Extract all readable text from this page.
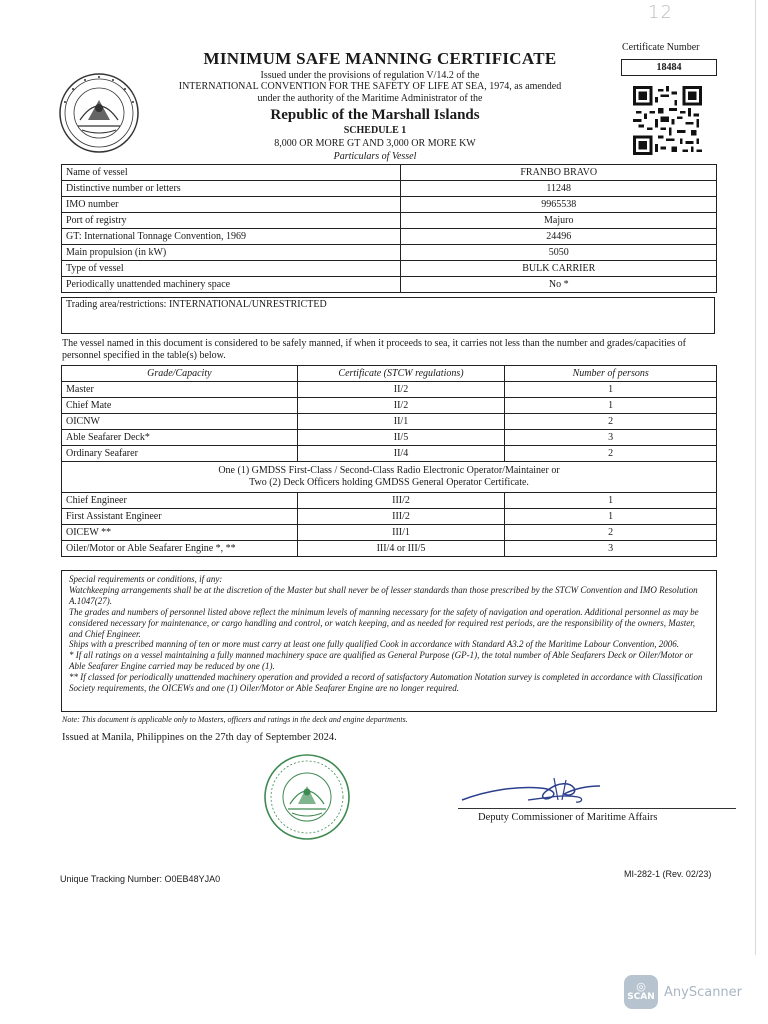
12
MINIMUM SAFE MANNING CERTIFICATE
Issued under the provisions of regulation V/14.2 of the
INTERNATIONAL CONVENTION FOR THE SAFETY OF LIFE AT SEA, 1974, as amended
under the authority of the Maritime Administrator of the
Republic of the Marshall Islands
SCHEDULE 1
8,000 OR MORE GT AND 3,000 OR MORE KW
Particulars of Vessel
Certificate Number
18484
Name of vessel	FRANBO BRAVO
Distinctive number or letters	11248
IMO number	9965538
Port of registry	Majuro
GT: International Tonnage Convention, 1969	24496
Main propulsion (in kW)	5050
Type of vessel	BULK CARRIER
Periodically unattended machinery space	No *
Trading area/restrictions: INTERNATIONAL/UNRESTRICTED
The vessel named in this document is considered to be safely manned, if when it proceeds to sea, it carries not less than the number and grades/capacities of personnel specified in the table(s) below.
Grade/Capacity	Certificate (STCW regulations)	Number of persons
Master	II/2	1
Chief Mate	II/2	1
OICNW	II/1	2
Able Seafarer Deck*	II/5	3
Ordinary Seafarer	II/4	2

One (1) GMDSS First-Class / Second-Class Radio Electronic Operator/Maintainer or
Two (2) Deck Officers holding GMDSS General Operator Certificate.		

Chief Engineer	III/2	1
First Assistant Engineer	III/2	1
OICEW **	III/1	2
Oiler/Motor or Able Seafarer Engine *, **	III/4 or III/5	3
Special requirements or conditions, if any:
Watchkeeping arrangements shall be at the discretion of the Master but shall never be of lesser standards than those prescribed by the STCW Convention and IMO Resolution A.1047(27).
The grades and numbers of personnel listed above reflect the minimum levels of manning necessary for the safety of navigation and operation. Additional personnel as may be considered necessary for maintenance, or cargo handling and control, or watch keeping, and as needed for required rest periods, are the responsibility of the owners, Master, and Chief Engineer.
Ships with a prescribed manning of ten or more must carry at least one fully qualified Cook in accordance with Standard A3.2 of the Maritime Labour Convention, 2006.
* If all ratings on a vessel maintaining a fully manned machinery space are qualified as General Purpose (GP-1), the total number of Able Seafarers Deck or Oiler/Motor or Able Seafarer Engine carried may be reduced by one (1).
** If classed for periodically unattended machinery operation and provided a record of satisfactory Automation Notation survey is completed in accordance with Classification Society requirements, the OICEWs and one (1) Oiler/Motor or Able Seafarer Engine are no longer required.
Note: This document is applicable only to Masters, officers and ratings in the deck and engine departments.
Issued at Manila, Philippines on the 27th day of September 2024.
Deputy Commissioner of Maritime Affairs
Unique Tracking Number: O0EB48YJA0	MI-282-1 (Rev. 02/23)
◎
SCAN AnyScanner
